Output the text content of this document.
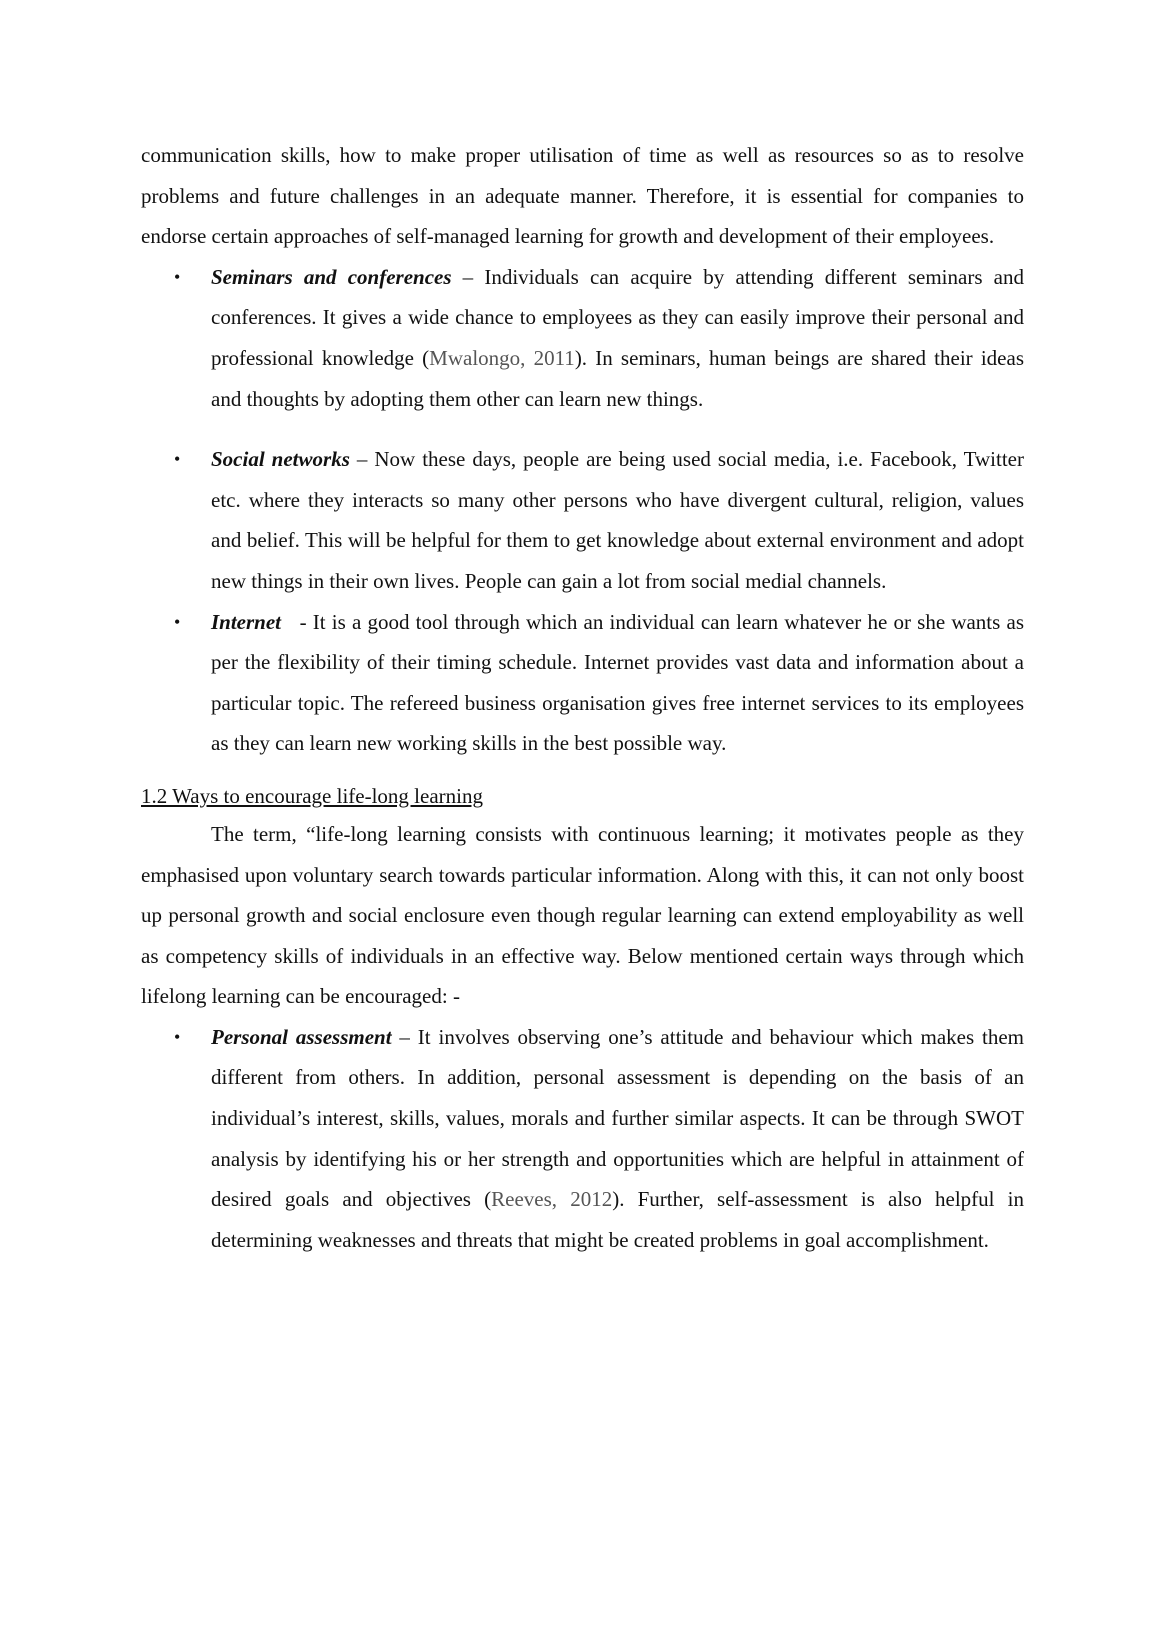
communication skills, how to make proper utilisation of time as well as resources so as to resolve problems and future challenges in an adequate manner. Therefore, it is essential for companies to endorse certain approaches of self-managed learning for growth and development of their employees.

• Seminars and conferences – Individuals can acquire by attending different seminars and conferences. It gives a wide chance to employees as they can easily improve their personal and professional knowledge (Mwalongo, 2011). In seminars, human beings are shared their ideas and thoughts by adopting them other can learn new things.
• Social networks – Now these days, people are being used social media, i.e. Facebook, Twitter etc. where they interacts so many other persons who have divergent cultural, religion, values and belief. This will be helpful for them to get knowledge about external environment and adopt new things in their own lives. People can gain a lot from social medial channels.
• Internet   - It is a good tool through which an individual can learn whatever he or she wants as per the flexibility of their timing schedule. Internet provides vast data and information about a particular topic. The refereed business organisation gives free internet services to its employees as they can learn new working skills in the best possible way.

1.2 Ways to encourage life-long learning

The term, “life-long learning consists with continuous learning; it motivates people as they emphasised upon voluntary search towards particular information. Along with this, it can not only boost up personal growth and social enclosure even though regular learning can extend employability as well as competency skills of individuals in an effective way. Below mentioned certain ways through which lifelong learning can be encouraged: -

• Personal assessment – It involves observing one’s attitude and behaviour which makes them different from others. In addition, personal assessment is depending on the basis of an individual’s interest, skills, values, morals and further similar aspects. It can be through SWOT analysis by identifying his or her strength and opportunities which are helpful in attainment of desired goals and objectives (Reeves, 2012). Further, self-assessment is also helpful in determining weaknesses and threats that might be created problems in goal accomplishment.
